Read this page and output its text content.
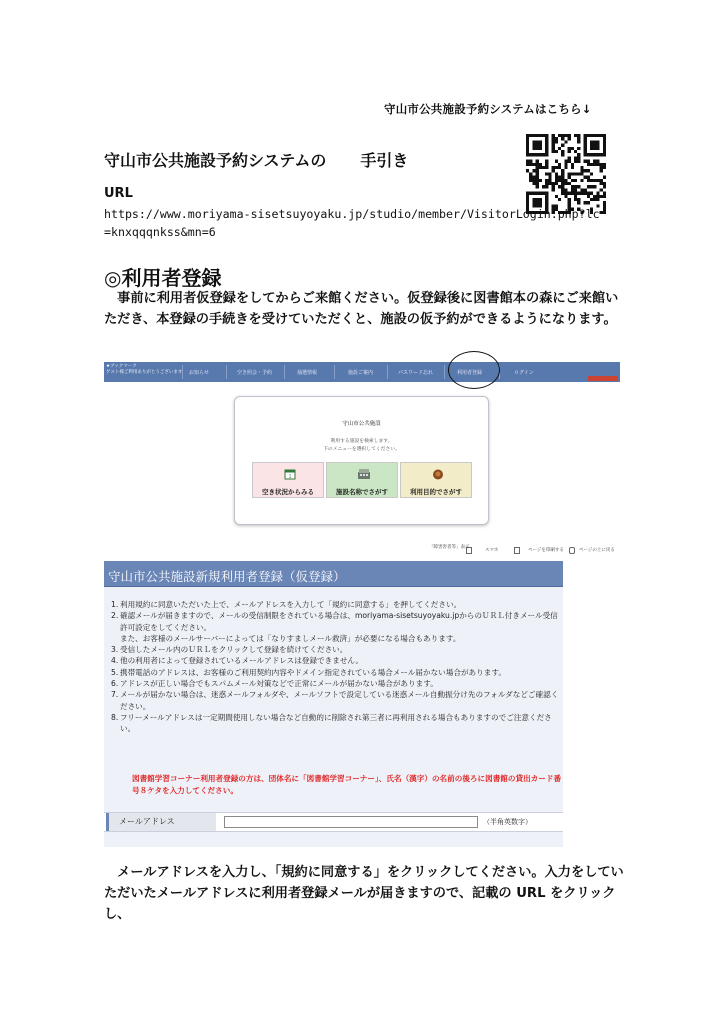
守山市公共施設予約システムはこちら↓
守山市公共施設予約システムの 手引き
URL
https://www.moriyama-sisetsuyoyaku.jp/studio/member/VisitorLogin.php?lc=knxqqqnkss&mn=6
◎利用者登録
　事前に利用者仮登録をしてからご来館ください。仮登録後に図書館本の森にご来館いただき、本登録の手続きを受けていただくと、施設の仮予約ができるようになります。
★ブックマーク
ゲスト様ご利用ありがとうございます お知らせ	空き照会・予約	抽選情報	施設ご案内	パスワード忘れ	利用者登録	ログイン
守山市公共施設
利用する施設を検索します。
下のメニューを選択してください。
1
空き状況からみる	施設名称でさがす	利用目的でさがす
「障害害者等」表示
スマホ	ページを印刷する	ページの上に戻る
守山市公共施設新規利用者登録（仮登録）
1. 利用規約に同意いただいた上で、メールアドレスを入力して「規約に同意する」を押してください。
2. 確認メールが届きますので、メールの受信制限をされている場合は、moriyama-sisetsuyoyaku.jpからのＵＲＬ付きメール受信許可設定をしてください。
また、お客様のメールサーバーによっては「なりすましメール救済」が必要になる場合もあります。
3. 受信したメール内のＵＲＬをクリックして登録を続けてください。
4. 他の利用者によって登録されているメールアドレスは登録できません。
5. 携帯電話のアドレスは、お客様のご利用契約内容やドメイン指定されている場合メール届かない場合があります。
6. アドレスが正しい場合でもスパムメール対策などで正常にメールが届かない場合があります。
7. メールが届かない場合は、迷惑メールフォルダや、メールソフトで設定している迷惑メール自動振分け先のフォルダなどご確認ください。
8. フリーメールアドレスは一定期間使用しない場合など自動的に削除され第三者に再利用される場合もありますのでご注意ください。
図書館学習コーナー利用者登録の方は、団体名に「図書館学習コーナー」、氏名（漢字）の名前の後ろに図書館の貸出カード番号８ケタを入力してください。
メールアドレス	（半角英数字）
　メールアドレスを入力し、「規約に同意する」をクリックしてください。入力をしていただいたメールアドレスに利用者登録メールが届きますので、記載の URL をクリックし、
